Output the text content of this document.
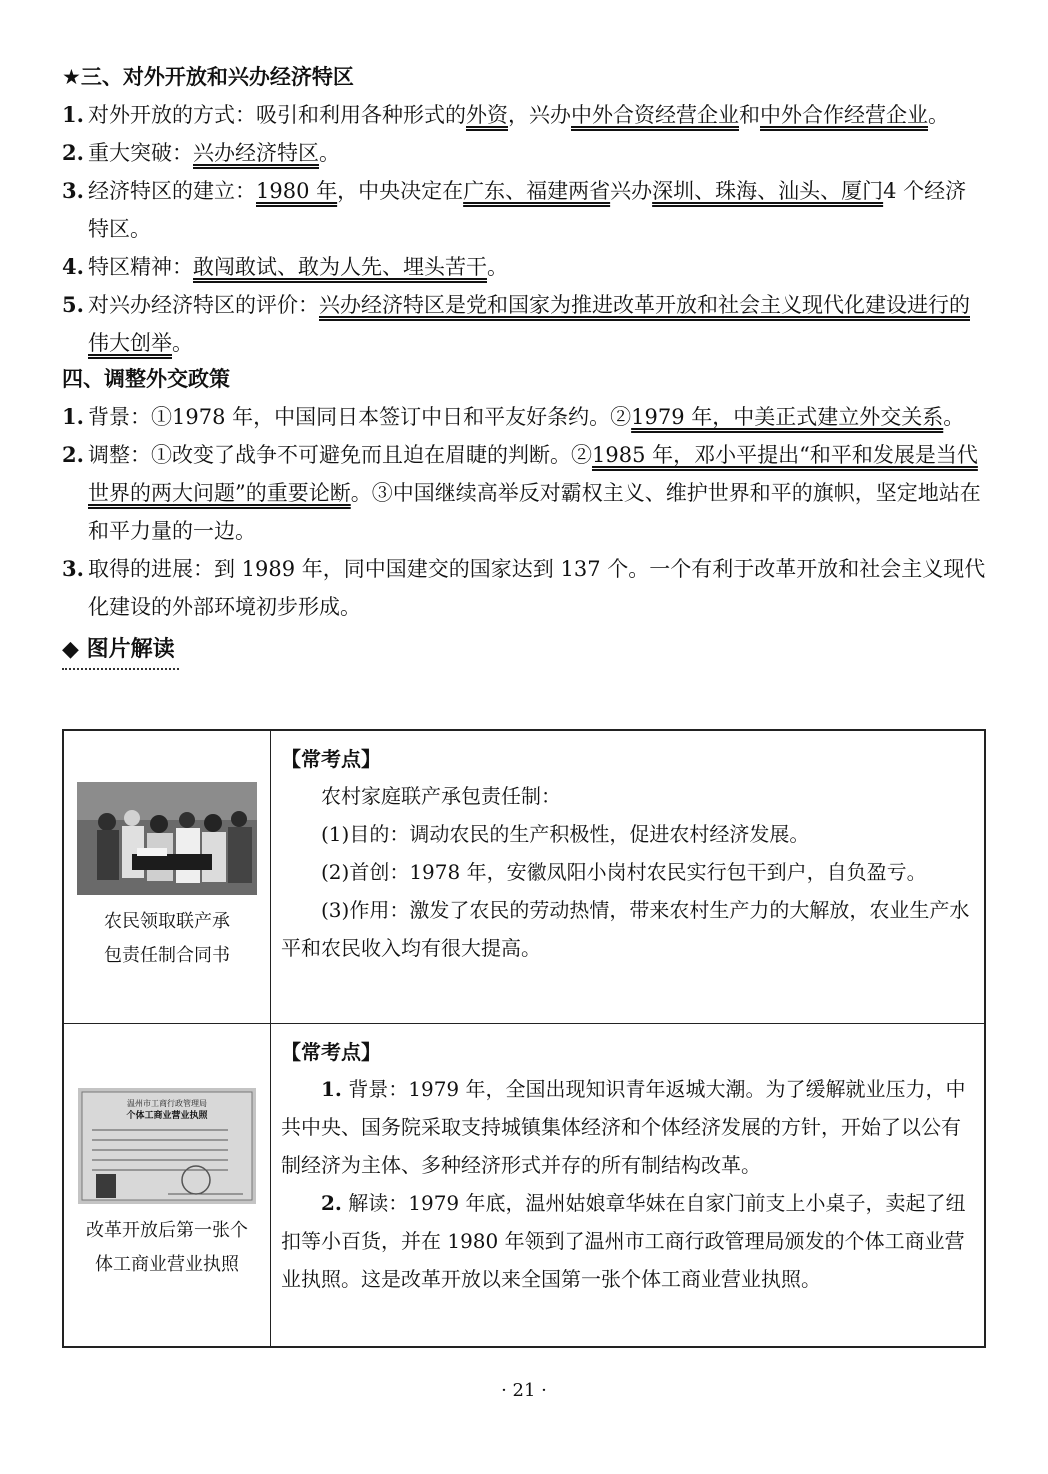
★三、对外开放和兴办经济特区
1. 对外开放的方式：吸引和利用各种形式的外资，兴办中外合资经营企业和中外合作经营企业。
2. 重大突破：兴办经济特区。
3. 经济特区的建立：1980 年，中央决定在广东、福建两省兴办深圳、珠海、汕头、厦门4 个经济特区。
4. 特区精神：敢闯敢试、敢为人先、埋头苦干。
5. 对兴办经济特区的评价：兴办经济特区是党和国家为推进改革开放和社会主义现代化建设进行的伟大创举。
四、调整外交政策
1. 背景：①1978 年，中国同日本签订中日和平友好条约。②1979 年，中美正式建立外交关系。
2. 调整：①改变了战争不可避免而且迫在眉睫的判断。②1985 年，邓小平提出“和平和发展是当代世界的两大问题”的重要论断。③中国继续高举反对霸权主义、维护世界和平的旗帜，坚定地站在和平力量的一边。
3. 取得的进展：到 1989 年，同中国建交的国家达到 137 个。一个有利于改革开放和社会主义现代化建设的外部环境初步形成。
◆ 图片解读
农民领取联产承
包责任制合同书
【常考点】
农村家庭联产承包责任制：
(1)目的：调动农民的生产积极性，促进农村经济发展。
(2)首创：1978 年，安徽凤阳小岗村农民实行包干到户，自负盈亏。
(3)作用：激发了农民的劳动热情，带来农村生产力的大解放，农业生产水平和农民收入均有很大提高。
温州市工商行政管理局
个体工商业营业执照
改革开放后第一张个
体工商业营业执照
【常考点】
1. 背景：1979 年，全国出现知识青年返城大潮。为了缓解就业压力，中共中央、国务院采取支持城镇集体经济和个体经济发展的方针，开始了以公有制经济为主体、多种经济形式并存的所有制结构改革。
2. 解读：1979 年底，温州姑娘章华妹在自家门前支上小桌子，卖起了纽扣等小百货，并在 1980 年领到了温州市工商行政管理局颁发的个体工商业营业执照。这是改革开放以来全国第一张个体工商业营业执照。
· 21 ·
